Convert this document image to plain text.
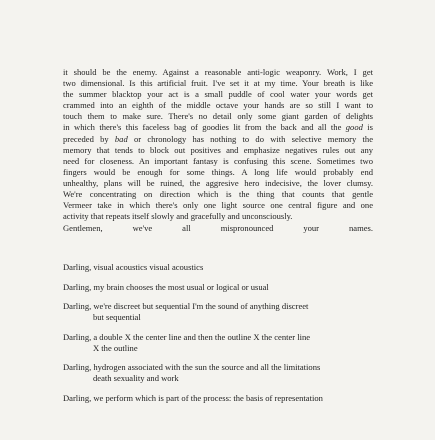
it should be the enemy. Against a reasonable anti-logic weaponry. Work, I get
two dimensional. Is this artificial fruit. I've set it at my time. Your breath is like
the summer blacktop your act is a small puddle of cool water your words get
crammed into an eighth of the middle octave your hands are so still I want to
touch them to make sure. There's no detail only some giant garden of delights
in which there's this faceless bag of goodies lit from the back and all the good is
preceded by bad or chronology has nothing to do with selective memory the
memory that tends to block out positives and emphasize negatives rules out any
need for closeness. An important fantasy is confusing this scene. Sometimes two
fingers would be enough for some things. A long life would probably end
unhealthy, plans will be ruined, the aggresive hero indecisive, the lover clumsy.
We're concentrating on direction which is the thing that counts that gentle
Vermeer take in which there's only one light source one central figure and one
activity that repeats itself slowly and gracefully and unconsciously.
Gentlemen, we've all mispronounced your names.
Darling, visual acoustics visual acoustics
Darling, my brain chooses the most usual or logical or usual
Darling, we're discreet but sequential I'm the sound of anything discreet
but sequential
Darling, a double X the center line and then the outline X the center line
X the outline
Darling, hydrogen associated with the sun the source and all the limitations
death sexuality and work
Darling, we perform which is part of the process: the basis of representation
